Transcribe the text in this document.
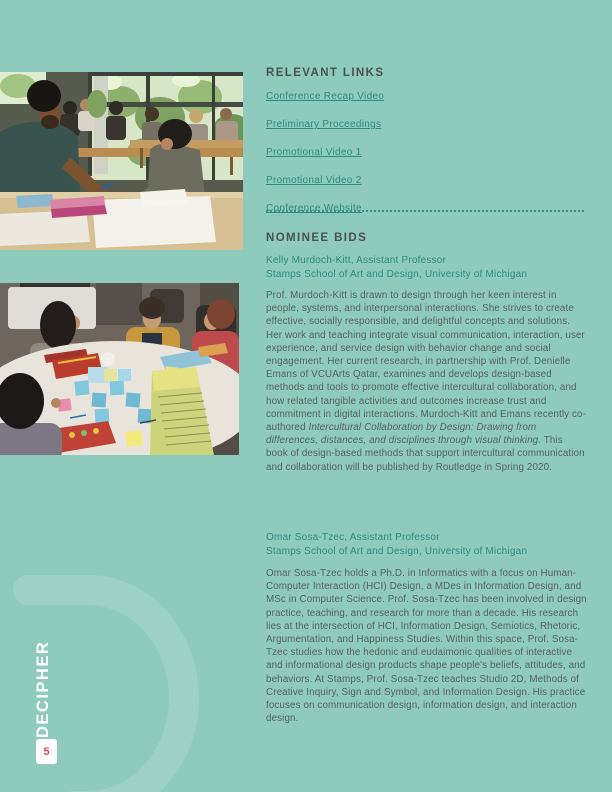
RELEVANT LINKS
Conference Recap Video
Preliminary Proceedings
Promotional Video 1
Promotional Video 2
Conference Website
NOMINEE BIDS
Kelly Murdoch-Kitt, Assistant Professor
Stamps School of Art and Design, University of Michigan

Prof. Murdoch-Kitt is drawn to design through her keen interest in people, systems, and interpersonal interactions. She strives to create effective, socially responsible, and delightful concepts and solutions. Her work and teaching integrate visual communication, interaction, user experience, and service design with behavior change and social engagement. Her current research, in partnership with Prof. Denielle Emans of VCUArts Qatar, examines and develops design-based methods and tools to promote effective intercultural collaboration, and how related tangible activities and outcomes increase trust and commitment in digital interactions. Murdoch-Kitt and Emans recently co-authored Intercultural Collaboration by Design: Drawing from differences, distances, and disciplines through visual thinking. This book of design-based methods that support intercultural communication and collaboration will be published by Routledge in Spring 2020.

Omar Sosa-Tzec, Assistant Professor
Stamps School of Art and Design, University of Michigan

Omar Sosa-Tzec holds a Ph.D. in Informatics with a focus on Human-Computer Interaction (HCI) Design, a MDes in Information Design, and MSc in Computer Science. Prof. Sosa-Tzec has been involved in design practice, teaching, and research for more than a decade. His research lies at the intersection of HCI, Information Design, Semiotics, Rhetoric, Argumentation, and Happiness Studies. Within this space, Prof. Sosa-Tzec studies how the hedonic and eudaimonic qualities of interactive and informational design products shape people's beliefs, attitudes, and behaviors. At Stamps, Prof. Sosa-Tzec teaches Studio 2D, Methods of Creative Inquiry, Sign and Symbol, and Information Design. His practice focuses on communication design, information design, and interaction design.

DECIPHER
5
